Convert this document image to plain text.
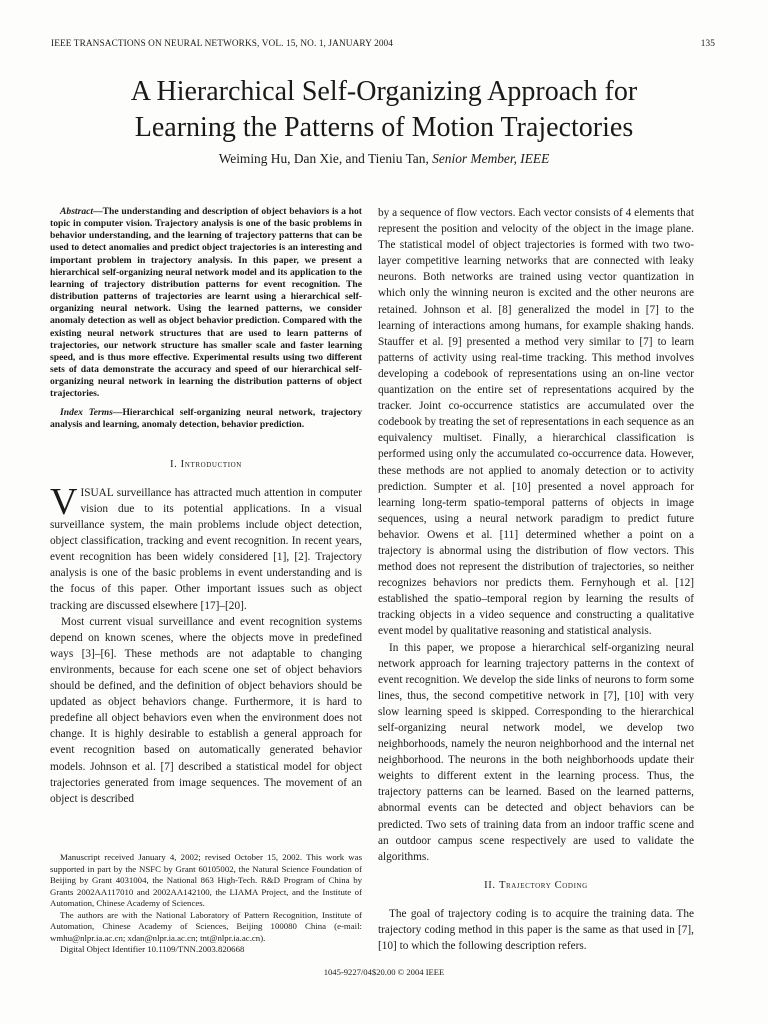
IEEE TRANSACTIONS ON NEURAL NETWORKS, VOL. 15, NO. 1, JANUARY 2004	135
A Hierarchical Self-Organizing Approach for
Learning the Patterns of Motion Trajectories
Weiming Hu, Dan Xie, and Tieniu Tan, Senior Member, IEEE

Abstract—The understanding and description of object behaviors is a hot topic in computer vision. Trajectory analysis is one of the basic problems in behavior understanding, and the learning of trajectory patterns that can be used to detect anomalies and predict object trajectories is an interesting and important problem in trajectory analysis. In this paper, we present a hierarchical self-organizing neural network model and its application to the learning of trajectory distribution patterns for event recognition. The distribution patterns of trajectories are learnt using a hierarchical self-organizing neural network. Using the learned patterns, we consider anomaly detection as well as object behavior prediction. Compared with the existing neural network structures that are used to learn patterns of trajectories, our network structure has smaller scale and faster learning speed, and is thus more effective. Experimental results using two different sets of data demonstrate the accuracy and speed of our hierarchical self-organizing neural network in learning the distribution patterns of object trajectories.

Index Terms—Hierarchical self-organizing neural network, trajectory analysis and learning, anomaly detection, behavior prediction.

I. Introduction

VISUAL surveillance has attracted much attention in computer vision due to its potential applications. In a visual surveillance system, the main problems include object detection, object classification, tracking and event recognition. In recent years, event recognition has been widely considered [1], [2]. Trajectory analysis is one of the basic problems in event understanding and is the focus of this paper. Other important issues such as object tracking are discussed elsewhere [17]–[20].

Most current visual surveillance and event recognition systems depend on known scenes, where the objects move in predefined ways [3]–[6]. These methods are not adaptable to changing environments, because for each scene one set of object behaviors should be defined, and the definition of object behaviors should be updated as object behaviors change. Furthermore, it is hard to predefine all object behaviors even when the environment does not change. It is highly desirable to establish a general approach for event recognition based on automatically generated behavior models. Johnson et al. [7] described a statistical model for object trajectories generated from image sequences. The movement of an object is described

Manuscript received January 4, 2002; revised October 15, 2002. This work was supported in part by the NSFC by Grant 60105002, the Natural Science Foundation of Beijing by Grant 4031004, the National 863 High-Tech. R&D Program of China by Grants 2002AA117010 and 2002AA142100, the LIAMA Project, and the Institute of Automation, Chinese Academy of Sciences.

The authors are with the National Laboratory of Pattern Recognition, Institute of Automation, Chinese Academy of Sciences, Beijing 100080 China (e-mail: wmhu@nlpr.ia.ac.cn; xdan@nlpr.ia.ac.cn; tnt@nlpr.ia.ac.cn).

Digital Object Identifier 10.1109/TNN.2003.820668

by a sequence of flow vectors. Each vector consists of 4 elements that represent the position and velocity of the object in the image plane. The statistical model of object trajectories is formed with two two-layer competitive learning networks that are connected with leaky neurons. Both networks are trained using vector quantization in which only the winning neuron is excited and the other neurons are retained. Johnson et al. [8] generalized the model in [7] to the learning of interactions among humans, for example shaking hands. Stauffer et al. [9] presented a method very similar to [7] to learn patterns of activity using real-time tracking. This method involves developing a codebook of representations using an on-line vector quantization on the entire set of representations acquired by the tracker. Joint co-occurrence statistics are accumulated over the codebook by treating the set of representations in each sequence as an equivalency multiset. Finally, a hierarchical classification is performed using only the accumulated co-occurrence data. However, these methods are not applied to anomaly detection or to activity prediction. Sumpter et al. [10] presented a novel approach for learning long-term spatio-temporal patterns of objects in image sequences, using a neural network paradigm to predict future behavior. Owens et al. [11] determined whether a point on a trajectory is abnormal using the distribution of flow vectors. This method does not represent the distribution of trajectories, so neither recognizes behaviors nor predicts them. Fernyhough et al. [12] established the spatio–temporal region by learning the results of tracking objects in a video sequence and constructing a qualitative event model by qualitative reasoning and statistical analysis.

In this paper, we propose a hierarchical self-organizing neural network approach for learning trajectory patterns in the context of event recognition. We develop the side links of neurons to form some lines, thus, the second competitive network in [7], [10] with very slow learning speed is skipped. Corresponding to the hierarchical self-organizing neural network model, we develop two neighborhoods, namely the neuron neighborhood and the internal net neighborhood. The neurons in the both neighborhoods update their weights to different extent in the learning process. Thus, the trajectory patterns can be learned. Based on the learned patterns, abnormal events can be detected and object behaviors can be predicted. Two sets of training data from an indoor traffic scene and an outdoor campus scene respectively are used to validate the algorithms.

II. Trajectory Coding

The goal of trajectory coding is to acquire the training data. The trajectory coding method in this paper is the same as that used in [7], [10] to which the following description refers.

1045-9227/04$20.00 © 2004 IEEE
